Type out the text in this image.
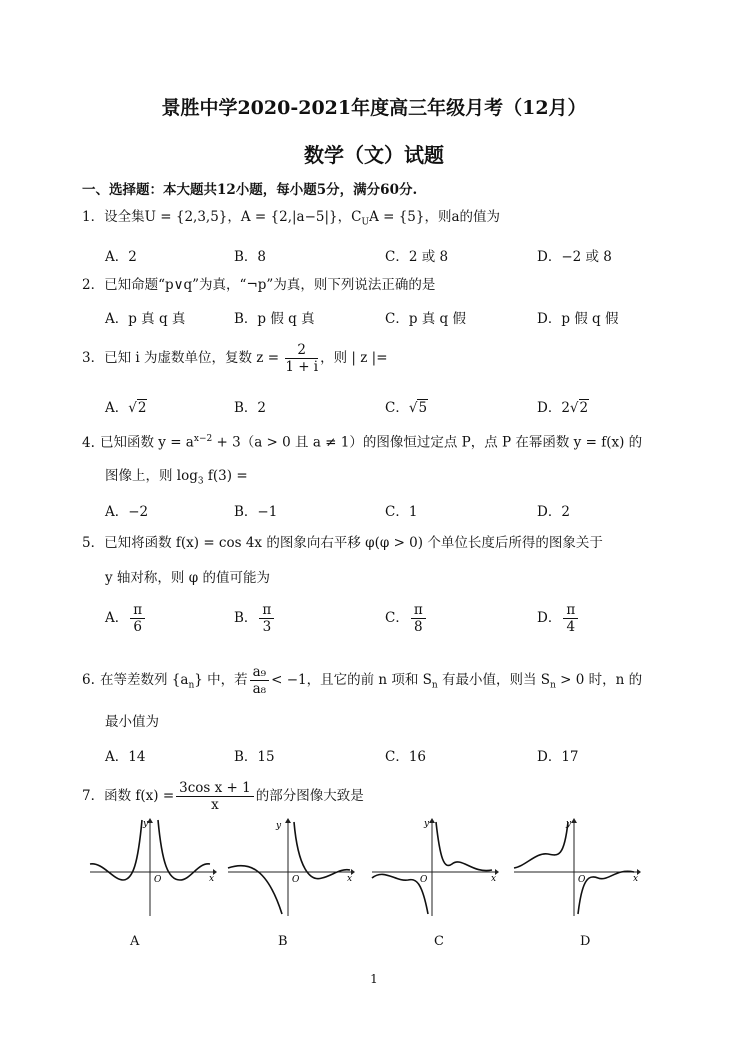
景胜中学2020-2021年度高三年级月考（12月）
数学（文）试题
一、选择题：本大题共12小题，每小题5分，满分60分.
1．设全集U = {2,3,5}，A = {2,|a−5|}，$C_UA = \{5\}$，则a的值为
A．2	B．8	C．2 或 8	D．−2 或 8
2．已知命题“p∨q”为真，“¬p”为真，则下列说法正确的是
A．p 真 q 真	B．p 假 q 真	C．p 真 q 假	D．p 假 q 假
3．已知 i 为虚数单位，复数 $z = \frac{2}{1 + i}$ ，则 | z |=
A．√2	B．2	C．√5	D．2√2
4. 已知函数 $y = a^{x-2} + 3(a > 0$ 且 a ≠ 1）的图像恒过定点 P，点 P 在幂函数 y = f(x) 的
图像上，则 $\log_3 f(3)$ =
A．−2	B．−1	C．1	D．2
5．已知将函数 f(x) = cos 4x 的图象向右平移 φ(φ > 0) 个单位长度后所得的图象关于
y 轴对称，则 φ 的值可能为
A． $\frac{\pi}{6}$	B． $\frac{\pi}{3}$	C． $\frac{\pi}{8}$	D． $\frac{\pi}{4}$
6. 在等差数列 $\{a_n\}$ 中，若 $\frac{\text{a₉}}{\text{a₈}} < -1$，且它的前 n 项和 $S_n$ 有最小值，则当 $S_n > 0$ 时，n 的
最小值为
A．14	B．15	C．16	D．17
7．函数 $f(x) = \frac{\text{3cos x + 1}}{x}$ 的部分图像大致是
y
x
O
y
x
O
y
x
O
y
x
O
A	B	C	D
1
